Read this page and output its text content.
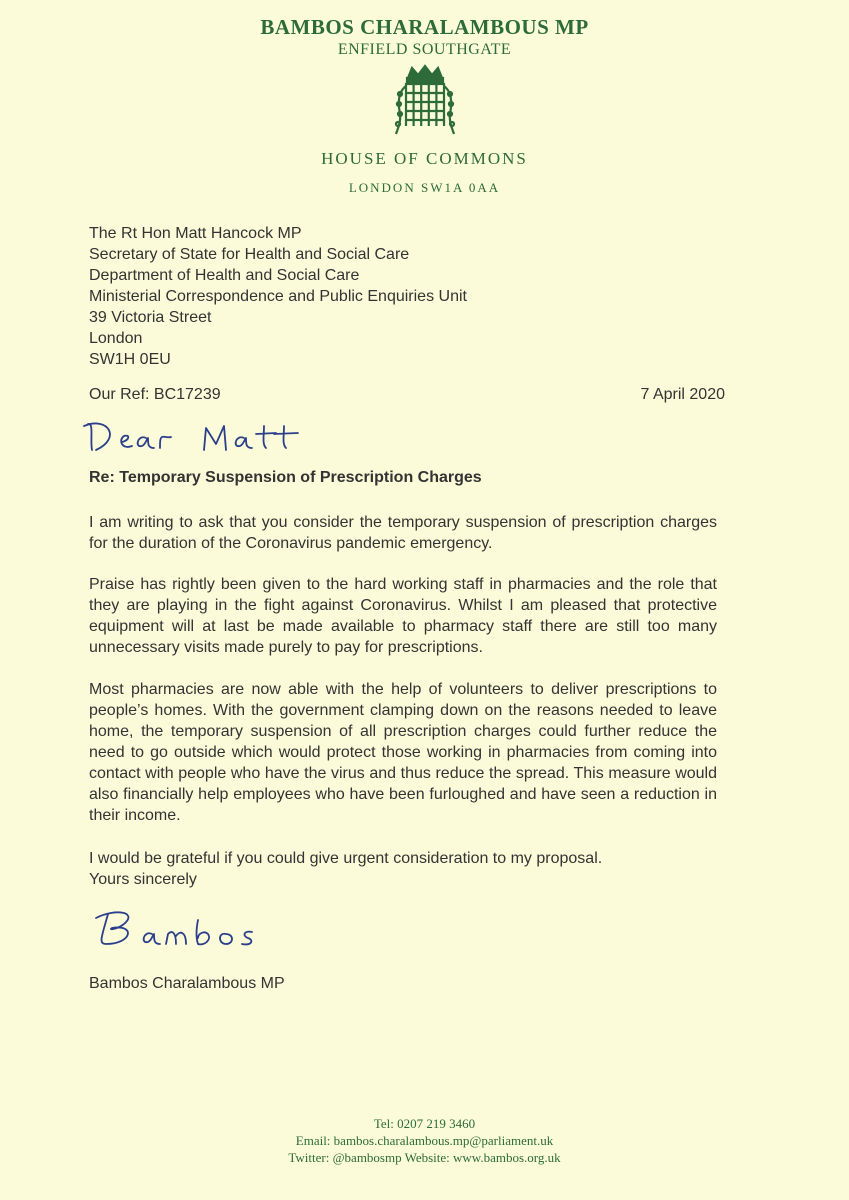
BAMBOS CHARALAMBOUS MP
ENFIELD SOUTHGATE
HOUSE OF COMMONS
LONDON SW1A 0AA
The Rt Hon Matt Hancock MP
Secretary of State for Health and Social Care
Department of Health and Social Care
Ministerial Correspondence and Public Enquiries Unit
39 Victoria Street
London
SW1H 0EU
Our Ref: BC17239	7 April 2020
Re: Temporary Suspension of Prescription Charges

I am writing to ask that you consider the temporary suspension of prescription charges for the duration of the Coronavirus pandemic emergency.

Praise has rightly been given to the hard working staff in pharmacies and the role that they are playing in the fight against Coronavirus. Whilst I am pleased that protective equipment will at last be made available to pharmacy staff there are still too many unnecessary visits made purely to pay for prescriptions.

Most pharmacies are now able with the help of volunteers to deliver prescriptions to people’s homes. With the government clamping down on the reasons needed to leave home, the temporary suspension of all prescription charges could further reduce the need to go outside which would protect those working in pharmacies from coming into contact with people who have the virus and thus reduce the spread. This measure would also financially help employees who have been furloughed and have seen a reduction in their income.

I would be grateful if you could give urgent consideration to my proposal.
Yours sincerely
Bambos Charalambous MP
Tel: 0207 219 3460
Email: bambos.charalambous.mp@parliament.uk
Twitter: @bambosmp Website: www.bambos.org.uk
